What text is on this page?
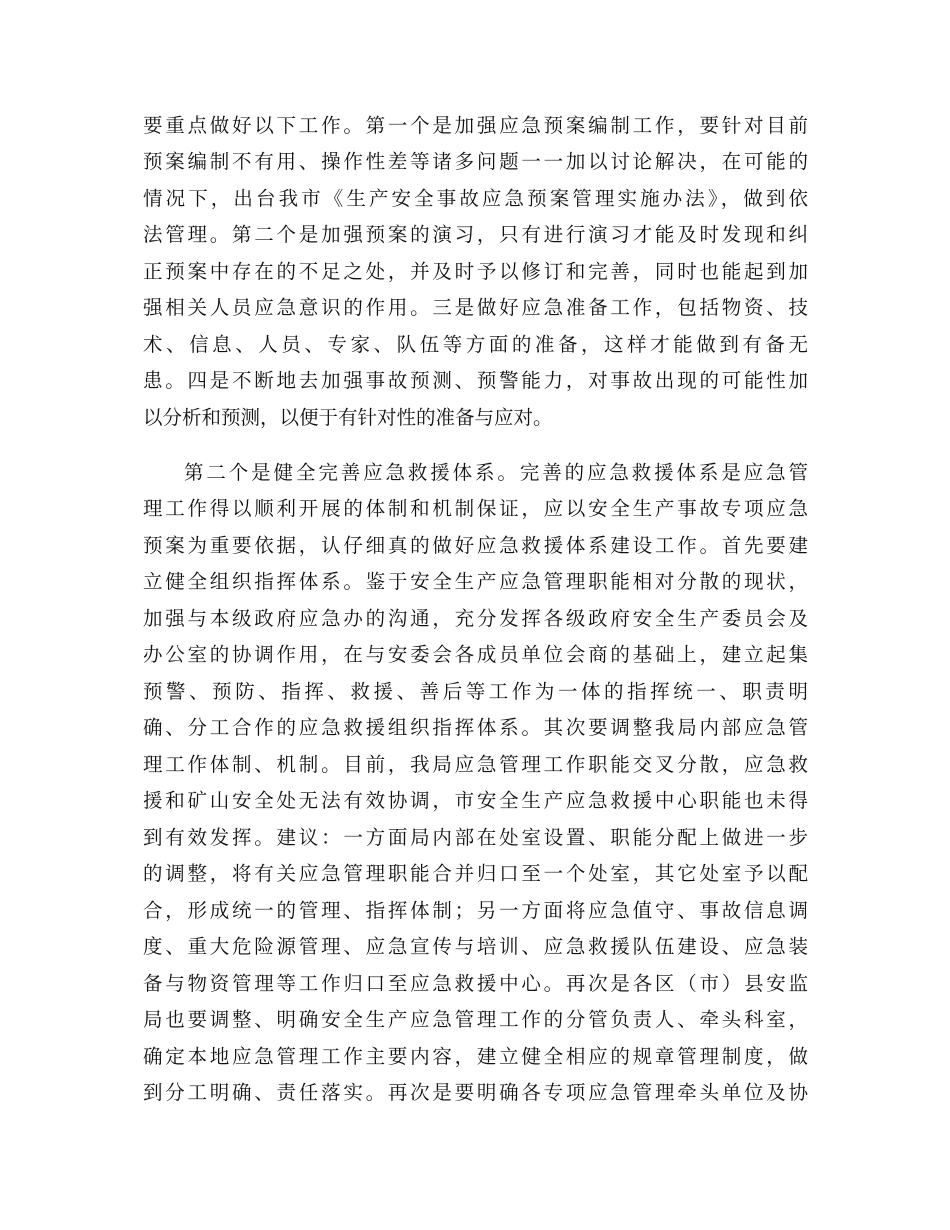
要重点做好以下工作。第一个是加强应急预案编制工作，要针对目前
预案编制不有用、操作性差等诸多问题一一加以讨论解决，在可能的
情况下，出台我市《生产安全事故应急预案管理实施办法》，做到依
法管理。第二个是加强预案的演习，只有进行演习才能及时发现和纠
正预案中存在的不足之处，并及时予以修订和完善，同时也能起到加
强相关人员应急意识的作用。三是做好应急准备工作，包括物资、技
术、信息、人员、专家、队伍等方面的准备，这样才能做到有备无
患。四是不断地去加强事故预测、预警能力，对事故出现的可能性加
以分析和预测，以便于有针对性的准备与应对。
第二个是健全完善应急救援体系。完善的应急救援体系是应急管
理工作得以顺利开展的体制和机制保证，应以安全生产事故专项应急
预案为重要依据，认仔细真的做好应急救援体系建设工作。首先要建
立健全组织指挥体系。鉴于安全生产应急管理职能相对分散的现状，
加强与本级政府应急办的沟通，充分发挥各级政府安全生产委员会及
办公室的协调作用，在与安委会各成员单位会商的基础上，建立起集
预警、预防、指挥、救援、善后等工作为一体的指挥统一、职责明
确、分工合作的应急救援组织指挥体系。其次要调整我局内部应急管
理工作体制、机制。目前，我局应急管理工作职能交叉分散，应急救
援和矿山安全处无法有效协调，市安全生产应急救援中心职能也未得
到有效发挥。建议：一方面局内部在处室设置、职能分配上做进一步
的调整，将有关应急管理职能合并归口至一个处室，其它处室予以配
合，形成统一的管理、指挥体制；另一方面将应急值守、事故信息调
度、重大危险源管理、应急宣传与培训、应急救援队伍建设、应急装
备与物资管理等工作归口至应急救援中心。再次是各区（市）县安监
局也要调整、明确安全生产应急管理工作的分管负责人、牵头科室，
确定本地应急管理工作主要内容，建立健全相应的规章管理制度，做
到分工明确、责任落实。再次是要明确各专项应急管理牵头单位及协
